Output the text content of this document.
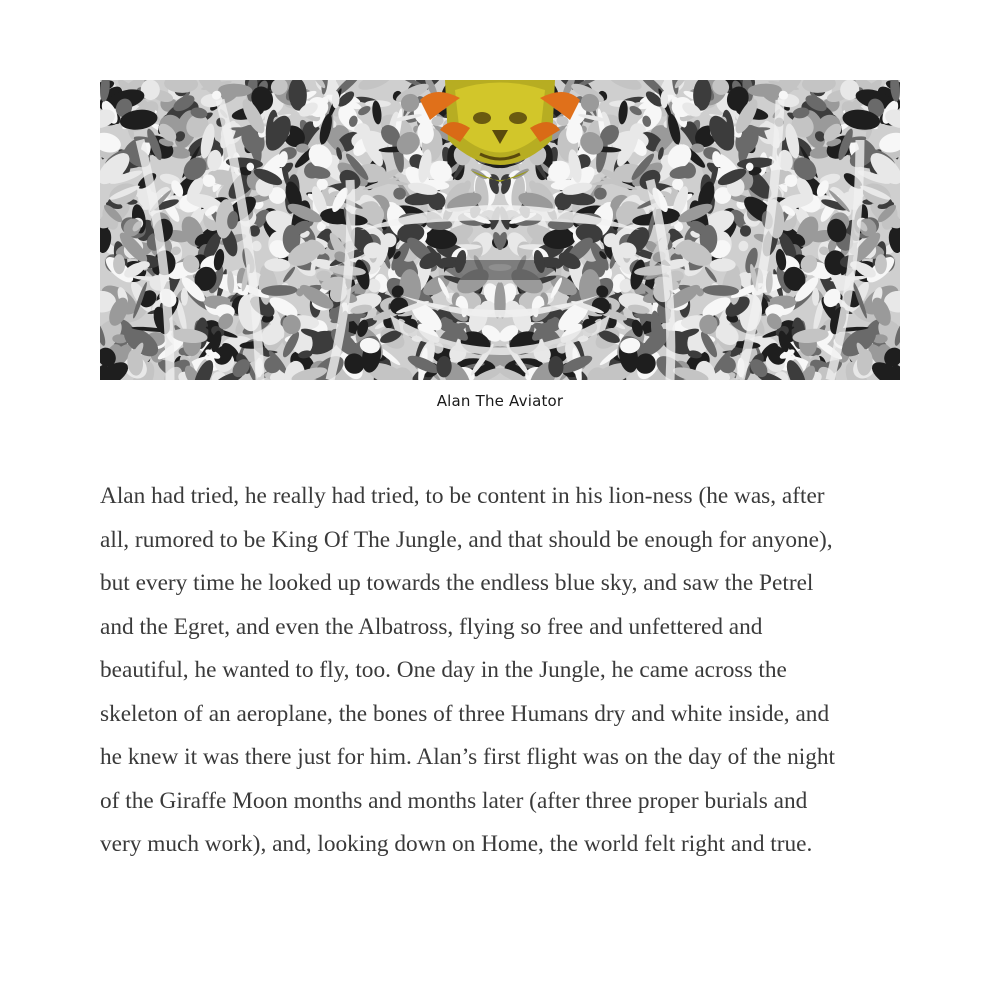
Alan The Aviator
Alan had tried, he really had tried, to be content in his lion-ness (he was, after
all, rumored to be King Of The Jungle, and that should be enough for anyone),
but every time he looked up towards the endless blue sky, and saw the Petrel
and the Egret, and even the Albatross, flying so free and unfettered and
beautiful, he wanted to fly, too. One day in the Jungle, he came across the
skeleton of an aeroplane, the bones of three Humans dry and white inside, and
he knew it was there just for him. Alan’s first flight was on the day of the night
of the Giraffe Moon months and months later (after three proper burials and
very much work), and, looking down on Home, the world felt right and true.
